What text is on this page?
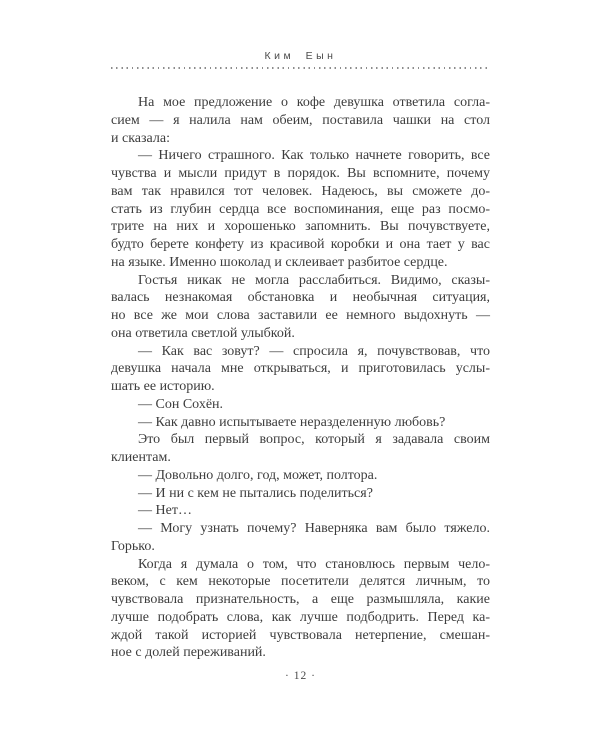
Ким Еын
На мое предложение о кофе девушка ответила согла-
сием — я налила нам обеим, поставила чашки на стол
и сказала:
— Ничего страшного. Как только начнете говорить, все
чувства и мысли придут в порядок. Вы вспомните, почему
вам так нравился тот человек. Надеюсь, вы сможете до-
стать из глубин сердца все воспоминания, еще раз посмо-
трите на них и хорошенько запомнить. Вы почувствуете,
будто берете конфету из красивой коробки и она тает у вас
на языке. Именно шоколад и склеивает разбитое сердце.
Гостья никак не могла расслабиться. Видимо, сказы-
валась незнакомая обстановка и необычная ситуация,
но все же мои слова заставили ее немного выдохнуть —
она ответила светлой улыбкой.
— Как вас зовут? — спросила я, почувствовав, что
девушка начала мне открываться, и приготовилась услы-
шать ее историю.
— Сон Сохён.
— Как давно испытываете неразделенную любовь?
Это был первый вопрос, который я задавала своим
клиентам.
— Довольно долго, год, может, полтора.
— И ни с кем не пытались поделиться?
— Нет…
— Могу узнать почему? Наверняка вам было тяжело.
Горько.
Когда я думала о том, что становлюсь первым чело-
веком, с кем некоторые посетители делятся личным, то
чувствовала признательность, а еще размышляла, какие
лучше подобрать слова, как лучше подбодрить. Перед ка-
ждой такой историей чувствовала нетерпение, смешан-
ное с долей переживаний.
· 12 ·
